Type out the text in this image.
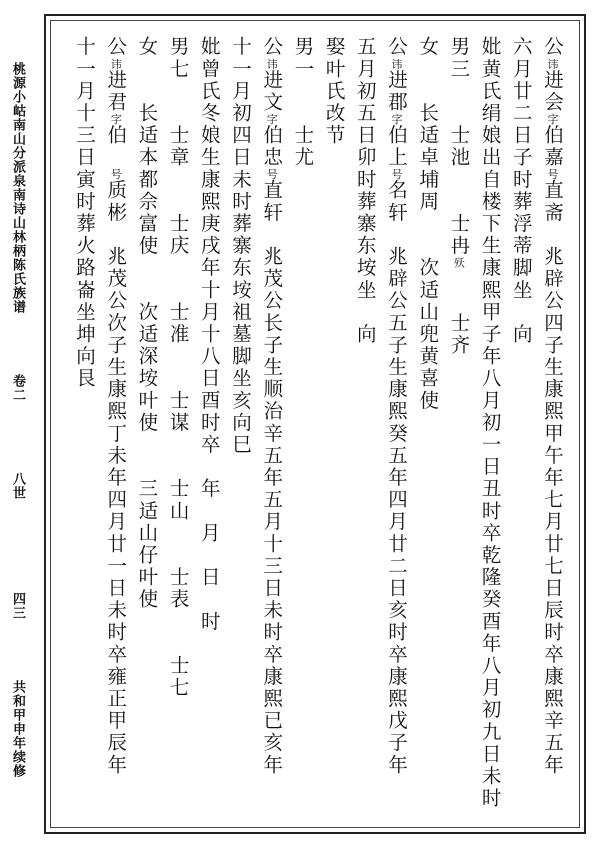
桃源小岵南山分派泉南诗山林柄陈氏族谱
卷二
八世
四三
共和甲申年续修
公讳进会字伯嘉号直斋　兆辟公四子生康熙甲午年七月廿七日辰时卒康熙辛五年
六月廿二日子时葬浮蒂脚坐　向
妣黄氏绢娘出自楼下生康熙甲子年八月初一日丑时卒乾隆癸酉年八月初九日未时
男三　　士池　　士冉殀　　士齐
女　　长适卓埔周　　次适山兜黄喜使
公讳进郡字伯上号名轩　兆辟公五子生康熙癸五年四月廿二日亥时卒康熙戊子年
五月初五日卯时葬寨东垵坐　向
娶叶氏改节
男一　　士尤
公讳进文字伯忠号直轩　兆茂公长子生顺治辛五年五月十三日未时卒康熙已亥年
十一月初四日未时葬寨东垵祖墓脚坐亥向巳
妣曾氏冬娘生康熙庚戌年十月十八日酉时卒　年　月　日　时
男七　　士章　　士庆　　士准　　士谋　　士山　　士表　　士七
女　　长适本都佘富使　　次适深垵叶使　　三适山仔叶使
公讳进君字伯　号质彬　兆茂公次子生康熙丁未年四月廿一日未时卒雍正甲辰年
十一月十三日寅时葬火路崙坐坤向艮
